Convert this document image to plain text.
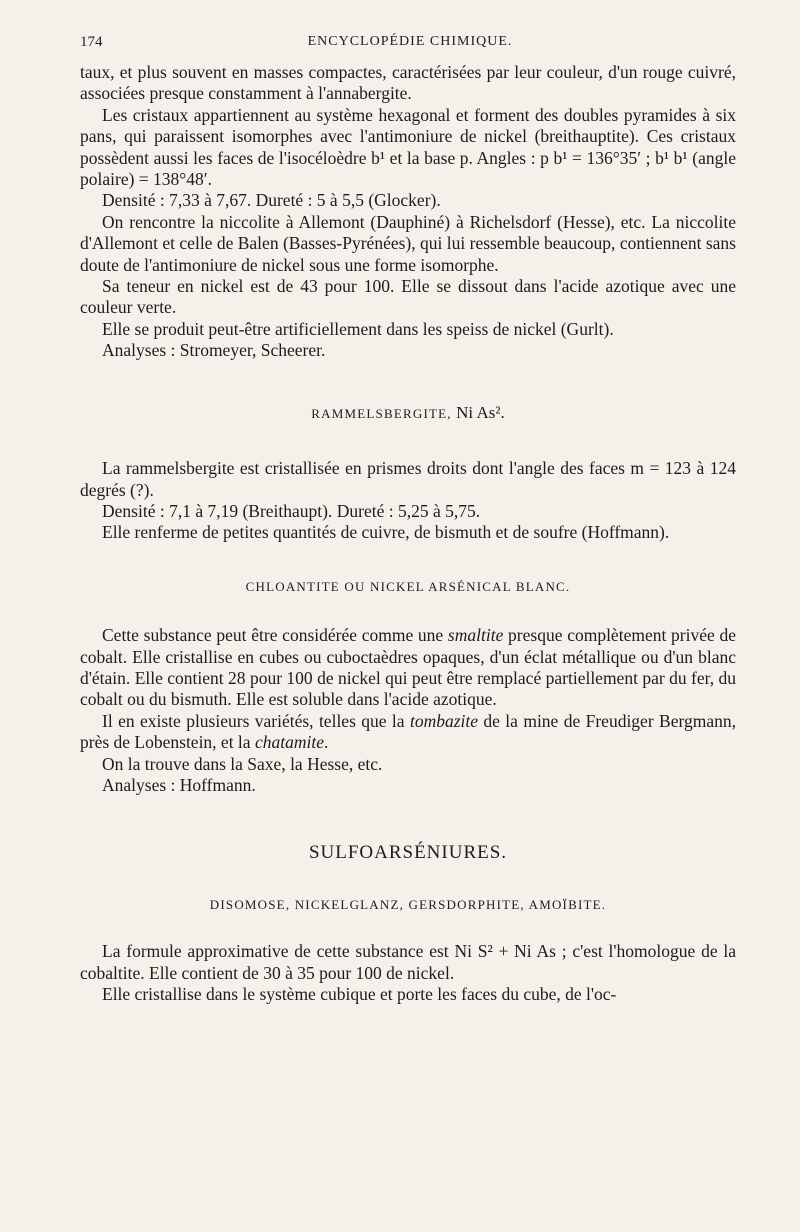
174	ENCYCLOPÉDIE CHIMIQUE.

taux, et plus souvent en masses compactes, caractérisées par leur couleur, d'un rouge cuivré, associées presque constamment à l'annabergite.

Les cristaux appartiennent au système hexagonal et forment des doubles pyramides à six pans, qui paraissent isomorphes avec l'antimoniure de nickel (breithauptite). Ces cristaux possèdent aussi les faces de l'isocéloèdre b¹ et la base p. Angles : p b¹ = 136°35′ ; b¹ b¹ (angle polaire) = 138°48′.

Densité : 7,33 à 7,67. Dureté : 5 à 5,5 (Glocker).

On rencontre la niccolite à Allemont (Dauphiné) à Richelsdorf (Hesse), etc. La niccolite d'Allemont et celle de Balen (Basses-Pyrénées), qui lui ressemble beaucoup, contiennent sans doute de l'antimoniure de nickel sous une forme isomorphe.

Sa teneur en nickel est de 43 pour 100. Elle se dissout dans l'acide azotique avec une couleur verte.

Elle se produit peut-être artificiellement dans les speiss de nickel (Gurlt).

Analyses : Stromeyer, Scheerer.

RAMMELSBERGITE, Ni As².

La rammelsbergite est cristallisée en prismes droits dont l'angle des faces m = 123 à 124 degrés (?).

Densité : 7,1 à 7,19 (Breithaupt). Dureté : 5,25 à 5,75.

Elle renferme de petites quantités de cuivre, de bismuth et de soufre (Hoffmann).

CHLOANTITE OU NICKEL ARSÉNICAL BLANC.

Cette substance peut être considérée comme une smaltite presque complètement privée de cobalt. Elle cristallise en cubes ou cuboctaèdres opaques, d'un éclat métallique ou d'un blanc d'étain. Elle contient 28 pour 100 de nickel qui peut être remplacé partiellement par du fer, du cobalt ou du bismuth. Elle est soluble dans l'acide azotique.

Il en existe plusieurs variétés, telles que la tombazite de la mine de Freudiger Bergmann, près de Lobenstein, et la chatamite.

On la trouve dans la Saxe, la Hesse, etc.

Analyses : Hoffmann.

SULFOARSÉNIURES.
DISOMOSE, NICKELGLANZ, GERSDORPHITE, AMOÏBITE.

La formule approximative de cette substance est Ni S² + Ni As ; c'est l'homologue de la cobaltite. Elle contient de 30 à 35 pour 100 de nickel.

Elle cristallise dans le système cubique et porte les faces du cube, de l'oc-
